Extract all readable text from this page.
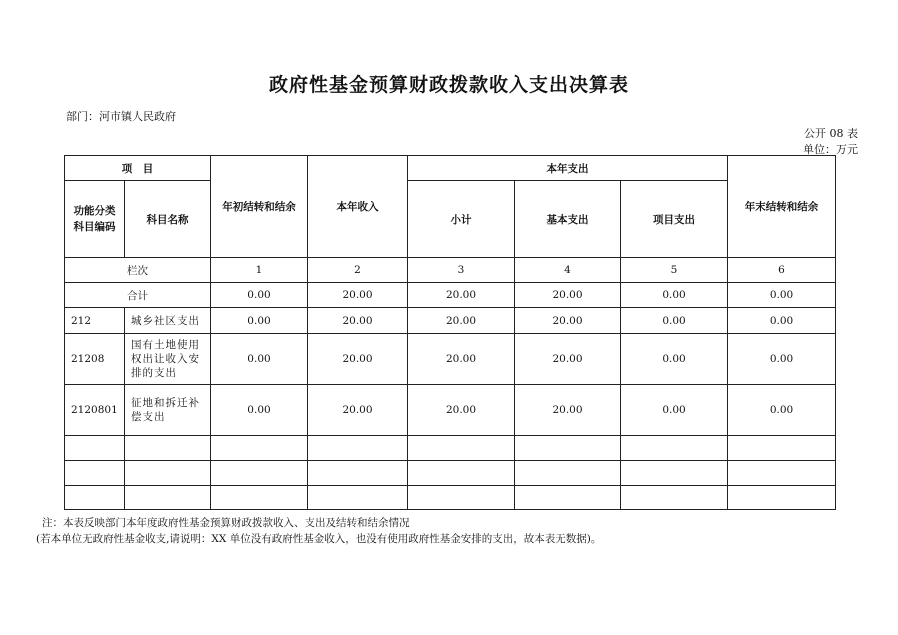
政府性基金预算财政拨款收入支出决算表
部门：河市镇人民政府
公开 08 表
单位：万元
项　目		年初结转和结余	本年收入	本年支出			年末结转和结余
功能分类科目编码	科目名称			小计	基本支出	项目支出	
栏次		1	2	3	4	5	6
合计		0.00	20.00	20.00	20.00	0.00	0.00
212	城乡社区支出	0.00	20.00	20.00	20.00	0.00	0.00
21208	国有土地使用权出让收入安排的支出	0.00	20.00	20.00	20.00	0.00	0.00
2120801	征地和拆迁补偿支出	0.00	20.00	20.00	20.00	0.00	0.00

注：本表反映部门本年度政府性基金预算财政拨款收入、支出及结转和结余情况
(若本单位无政府性基金收支,请说明：XX 单位没有政府性基金收入，也没有使用政府性基金安排的支出，故本表无数据)。
